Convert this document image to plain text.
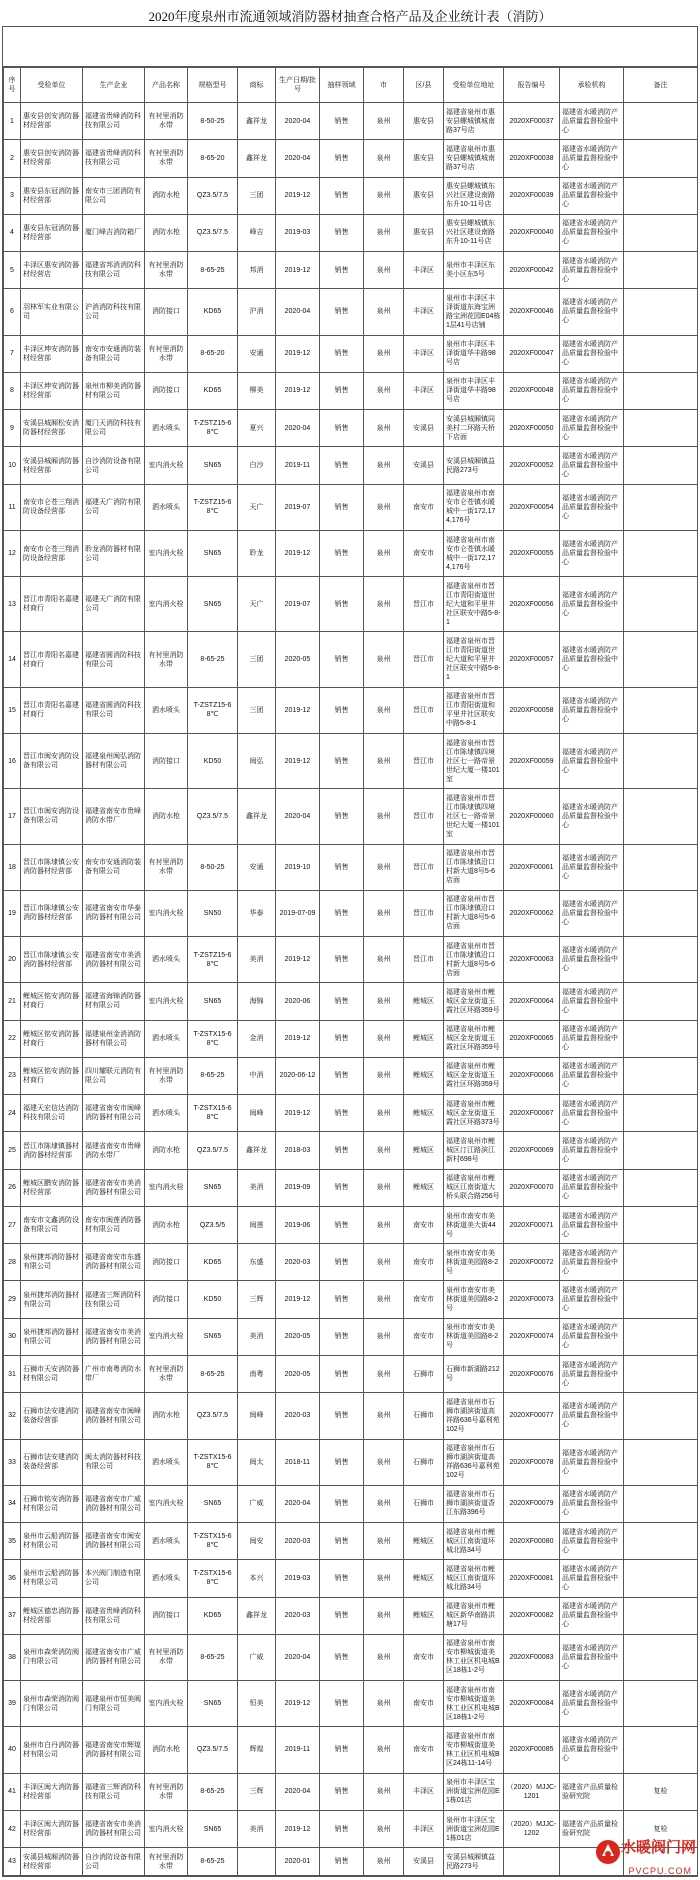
2020年度泉州市流通领域消防器材抽查合格产品及企业统计表（消防）
序号	受检单位	生产企业	产品名称	规格型号	商标	生产日期/批号	抽样领域	市	区/县	受检单位地址	报告编号	承检机构	备注
1	惠安县创安消防器材经营部	福建省贵峰消防科技有限公司	有衬里消防水带	8-50-25	鑫祥龙	2020-04	销售	泉州	惠安县	福建省泉州市惠安县螺城镇城南路37号店	2020XF00037	福建省水暖消防产品质量监督检验中心	
2	惠安县创安消防器材经营部	福建省贵峰消防科技有限公司	有衬里消防水带	8-65-20	鑫祥龙	2020-04	销售	泉州	惠安县	福建省泉州市惠安县螺城镇城南路37号店	2020XF00038	福建省水暖消防产品质量监督检验中心	
3	惠安县东冠消防器材经营部	南安市三团消防有限公司	消防水枪	QZ3.5/7.5	三团	2019-12	销售	泉州	惠安县	惠安县螺城镇东兴社区建设南路东升10-11号店	2020XF00039	福建省水暖消防产品质量监督检验中心	
4	惠安县东冠消防器材经营部	厦门峰吉消防箱厂	消防水枪	QZ3.5/7.5	峰吉	2019-03	销售	泉州	惠安县	惠安县螺城镇东兴社区建设南路东升10-11号店	2020XF00040	福建省水暖消防产品质量监督检验中心	
5	丰泽区惠安消防器材经营店	福建省邦消消防科技有限公司	有衬里消防水带	8-65-25	邦消	2019-12	销售	泉州	丰泽区	泉州市丰泽区东美小区东5号	2020XF00042	福建省水暖消防产品质量监督检验中心	
6	羽林军实业有限公司	沪消消防科技有限公司	消防接口	KD65	沪消	2020-04	销售	泉州	丰泽区	泉州市丰泽区丰泽街道东海宝洲路宝洲花园E04栋1层41号店铺	2020XF00046	福建省水暖消防产品质量监督检验中心	
7	丰泽区坤安消防器材经营部	南安市安通消防装备有限公司	有衬里消防水带	8-65-20	安通	2019-12	销售	泉州	丰泽区	泉州市丰泽区丰泽街道华丰路98号店	2020XF00047	福建省水暖消防产品质量监督检验中心	
8	丰泽区坤安消防器材经营部	泉州市柳美消防器材有限公司	消防接口	KD65	柳美	2019-12	销售	泉州	丰泽区	泉州市丰泽区丰泽街道华丰路98号店	2020XF00048	福建省水暖消防产品质量监督检验中心	
9	安溪县城厢松安消防器材经营部	厦门天消防科技有限公司	洒水喷头	T-ZSTZ15-68℃	夏兴	2020-04	销售	泉州	安溪县	安溪县城厢镇同美村二环路天桥下店面	2020XF00050	福建省水暖消防产品质量监督检验中心	
10	安溪县城厢消防器材经营部	自沙消防设备有限公司	室内消火栓	SN65	白沙	2019-11	销售	泉州	安溪县	安溪县城厢镇益民路273号	2020XF00052	福建省水暖消防产品质量监督检验中心	
11	南安市仑苍三翔消防设备经营部	福建天广消防有限公司	洒水喷头	T-ZSTZ15-68℃	天广	2019-07	销售	泉州	南安市	福建省泉州市南安市仑苍镇水暖城中一街172,174,176号	2020XF00054	福建省水暖消防产品质量监督检验中心	
12	南安市仑苍三翔消防设备经营部	聆龙消防器材有限公司	室内消火栓	SN65	聆龙	2019-12	销售	泉州	南安市	福建省泉州市南安市仑苍镇水暖城中一街172,174,176号	2020XF00055	福建省水暖消防产品质量监督检验中心	
13	晋江市青阳名嘉建材商行	福建天广消防有限公司	室内消火栓	SN65	天广	2019-07	销售	泉州	晋江市	福建省泉州市晋江市青阳街道世纪大道和平里井社区联安中路5-8-1	2020XF00056	福建省水暖消防产品质量监督检验中心	
14	晋江市青阳名嘉建材商行	福建省圆消防科技有限公司	有衬里消防水带	8-65-25	三团	2020-05	销售	泉州	晋江市	福建省泉州市晋江市青阳街道世纪大道和平里井社区联安中路5-8-1	2020XF00057	福建省水暖消防产品质量监督检验中心	
15	晋江市青阳名嘉建材商行	福建省圆消防科技有限公司	洒水喷头	T-ZSTZ15-68℃	三团	2019-12	销售	泉州	晋江市	福建省泉州市晋江市青阳街道和平里井社区联安中路5-8-1	2020XF00058	福建省水暖消防产品质量监督检验中心	
16	晋江市闽安消防设备有限公司	福建泉州闽弘消防器材有限公司	消防接口	KD50	闽弘	2019-12	销售	泉州	晋江市	福建省泉州市晋江市陈埭镇四境社区七一路帝景世纪大厦一楼101室	2020XF00059	福建省水暖消防产品质量监督检验中心	
17	晋江市闽安消防设备有限公司	福建省南安市贵峰消防水带厂	消防水枪	QZ3.5/7.5	鑫祥龙	2020-04	销售	泉州	晋江市	福建省泉州市晋江市陈埭镇四境社区七一路帝景世纪大厦一楼101室	2020XF00060	福建省水暖消防产品质量监督检验中心	
18	晋江市陈埭镇公安消防器材经营部	南安市安通消防装备有限公司	有衬里消防水带	8-50-25	安通	2019-10	销售	泉州	晋江市	福建省泉州市晋江市陈埭镇沿口村新大道8号5-6店面	2020XF00061	福建省水暖消防产品质量监督检验中心	
19	晋江市陈埭镇公安消防器材经营部	福建省南安市华泰消防器材有限公司	室内消火栓	SN50	华泰	2019-07-09	销售	泉州	晋江市	福建省泉州市晋江市陈埭镇沿口村新大道8号5-6店面	2020XF00062	福建省水暖消防产品质量监督检验中心	
20	晋江市陈埭镇公安消防器材经营部	福建省南安市美消消防器材有限公司	洒水喷头	T-ZSTZ15-68℃	美消	2019-12	销售	泉州	晋江市	福建省泉州市晋江市陈埭镇沿口村新大道8号5-6店面	2020XF00063	福建省水暖消防产品质量监督检验中心	
21	鲤城区铭安消防器材商行	福建省海锦消防器材有限公司	室内消火栓	SN65	海锦	2020-06	销售	泉州	鲤城区	福建省泉州市鲤城区金龙街道玉霞社区环路359号	2020XF00064	福建省水暖消防产品质量监督检验中心	
22	鲤城区铭安消防器材商行	福建泉州金消消防器材有限公司	洒水喷头	T-ZSTX15-68℃	金消	2019-12	销售	泉州	鲤城区	福建省泉州市鲤城区金龙街道玉霞社区环路359号	2020XF00065	福建省水暖消防产品质量监督检验中心	
23	鲤城区铭安消防器材商行	四川耀联元消防有限公司	有衬里消防水带	8-65-25	中消	2020-06-12	销售	泉州	鲤城区	福建省泉州市鲤城区金龙街道玉霞社区环路359号	2020XF00066	福建省水暖消防产品质量监督检验中心	
24	福建天宏信达消防科技有限公司	福建省南安市闽峰消防器材有限公司	洒水喷头	T-ZSTX15-68℃	闽峰	2019-12	销售	泉州	鲤城区	福建省泉州市鲤城区金龙街道玉霞社区环路373号	2020XF00067	福建省水暖消防产品质量监督检验中心	
25	晋江市陈埭镇器材消防器材经营部	福建省南安市贵峰消防水带厂	消防水枪	QZ3.5/7.5	鑫祥龙	2018-03	销售	泉州	鲤城区	福建省泉州市鲤城区汀江路滨江新村698号	2020XF00069	福建省水暖消防产品质量监督检验中心	
26	鲤城区鹏安消防器材经营部	福建省南安市美消消防器材有限公司	室内消火栓	SN65	美消	2019-09	销售	泉州	鲤城区	福建省泉州市鲤城区江南街道大桥头联合路256号	2020XF00070	福建省水暖消防产品质量监督检验中心	
27	南安市文鑫消防设备有限公司	南安市闽莲消防器材有限公司	消防水枪	QZ3.5/5	闽莲	2019-06	销售	泉州	南安市	泉州市南安市美林街道美大街44号	2020XF00071	福建省水暖消防产品质量监督检验中心	
28	泉州捷邦消防器材有限公司	福建省南安市东盛消防器材有限公司	消防接口	KD65	东盛	2020-03	销售	泉州	南安市	泉州市南安市美林街道美园路8-2号	2020XF00072	福建省水暖消防产品质量监督检验中心	
29	泉州捷邦消防器材有限公司	福建省三辉消防科技有限公司	消防接口	KD50	三辉	2019-12	销售	泉州	南安市	泉州市南安市美林街道美园路8-2号	2020XF00073	福建省水暖消防产品质量监督检验中心	
30	泉州捷邦消防器材有限公司	福建省南安市美消消防器材有限公司	室内消火栓	SN65	美消	2020-05	销售	泉州	南安市	泉州市南安市美林街道美园路8-2号	2020XF00074	福建省水暖消防产品质量监督检验中心	
31	石狮市天安消防器材有限公司	广州市南粤消防水带厂	有衬里消防水带	8-65-25	南粤	2020-05	销售	泉州	石狮市	石狮市新湖路212号	2020XF00076	福建省水暖消防产品质量监督检验中心	
32	石狮市法安建消防装备经营部	福建省南安市闽峰消防器材有限公司	消防水枪	QZ3.5/7.5	闽峰	2020-03	销售	泉州	石狮市	福建省泉州市石狮市湖滨街道高祥路636号嘉利苑102号	2020XF00077	福建省水暖消防产品质量监督检验中心	
33	石狮市法安建消防装备经营部	闽太消防器材科技有限公司	洒水喷头	T-ZSTX15-68℃	闽太	2018-11	销售	泉州	石狮市	福建省泉州市石狮市湖滨街道高祥路636号嘉利苑102号	2020XF00078	福建省水暖消防产品质量监督检验中心	
34	石狮市铭安消防器材有限公司	福建省南安市广威消防器材有限公司	室内消火栓	SN65	广威	2020-04	销售	泉州	石狮市	福建省泉州市石狮市湖滨街道香江东路396号	2020XF00079	福建省水暖消防产品质量监督检验中心	
35	泉州市云船消防器材有限公司	福建省南安市闽安消防器材有限公司	洒水喷头	T-ZSTX15-68℃	闽安	2020-03	销售	泉州	鲤城区	福建省泉州市鲤城区江南街道环城北路34号	2020XF00080	福建省水暖消防产品质量监督检验中心	
36	泉州市云船消防器材有限公司	本兴阀门制造有限公司	洒水喷头	T-ZSTX15-68℃	本兴	2019-03	销售	泉州	鲤城区	福建省泉州市鲤城区江南街道环城北路34号	2020XF00081	福建省水暖消防产品质量监督检验中心	
37	鲤城区德忠消防器材经营部	福建省贵峰消防科技有限公司	消防接口	KD65	鑫祥龙	2020-03	销售	泉州	鲤城区	福建省泉州市鲤城区新华南路洪塘17号	2020XF00082	福建省水暖消防产品质量监督检验中心	
38	泉州市森荣消防阀门有限公司	福建省南安市广威消防器材有限公司	有衬里消防水带	8-65-25	广威	2020-04	销售	泉州	南安市	福建省泉州市南安市柳城街道美林工业区机电城B区18栋1-2号	2020XF00083	福建省水暖消防产品质量监督检验中心	
39	泉州市森荣消防阀门有限公司	福建泉州市恒美阀门有限公司	室内消火栓	SN65	恒美	2019-12	销售	泉州	南安市	福建省泉州市南安市柳城街道美林工业区机电城B区18栋1-2号	2020XF00084	福建省水暖消防产品质量监督检验中心	
40	泉州市白丹消防器材有限公司	福建省南安市辉煌消防器材有限公司	消防水枪	QZ3.5/7.5	辉煌	2019-11	销售	泉州	南安市	福建省泉州市南安市柳城街道美林工业区机电城B区24栋11-14号	2020XF00085	福建省水暖消防产品质量监督检验中心	
41	丰泽区闽大消防器材经营部	福建省三辉消防科技有限公司	有衬里消防水带	8-65-25	三辉	2020-04	销售	泉州	丰泽区	泉州市丰泽区宝洲街道宝洲花园E1栋01店	（2020）MJJC-1201	福建省产品质量检验研究院	复检
42	丰泽区闽大消防器材经营部	福建省南安市美消消防器材有限公司	室内消火栓	SN65	美消	2019-12	销售	泉州	丰泽区	泉州市丰泽区宝洲街道宝洲花园E1栋01店	（2020）MJJC-1202	福建省产品质量检验研究院	复检
43	安溪县城厢消防器材经营部	自沙消防设备有限公司	有衬里消防水带	8-65-25		2020-01	销售	泉州	安溪县	安溪县城厢镇益民路273号			
水暖阀门网
PVCPU.COM
